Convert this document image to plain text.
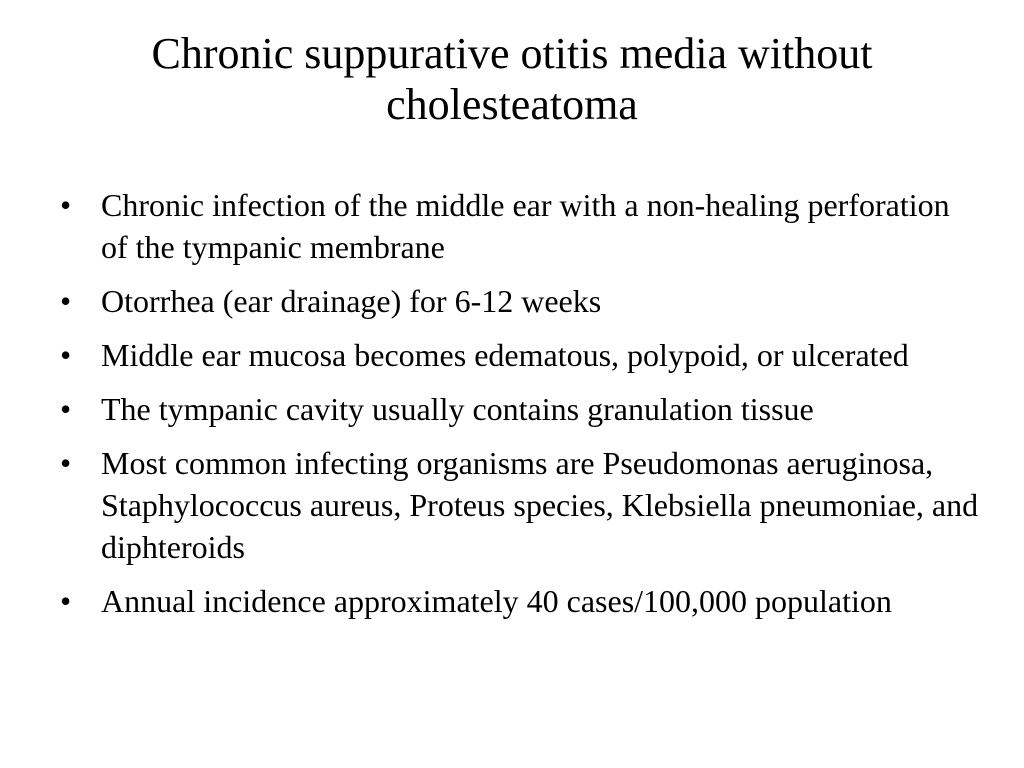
Chronic suppurative otitis media without cholesteatoma
• Chronic infection of the middle ear with a non-healing perforation of the tympanic membrane
• Otorrhea (ear drainage) for 6-12 weeks
• Middle ear mucosa becomes edematous, polypoid, or ulcerated
• The tympanic cavity usually contains granulation tissue
• Most common infecting organisms are Pseudomonas aeruginosa, Staphylococcus aureus, Proteus species, Klebsiella pneumoniae, and diphteroids
• Annual incidence approximately 40 cases/100,000 population
